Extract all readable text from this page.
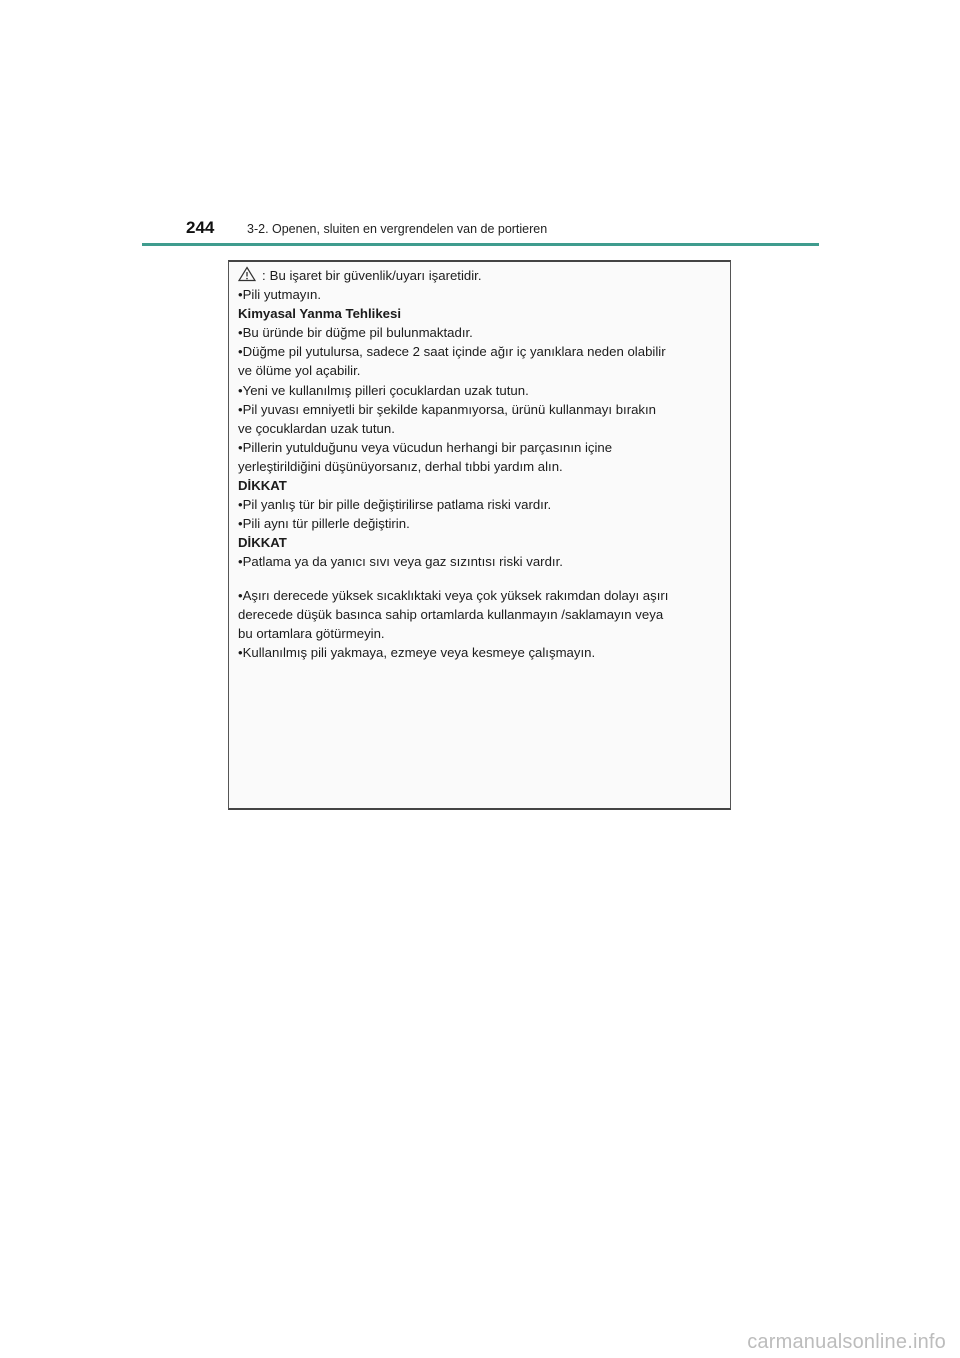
244	3-2. Openen, sluiten en vergrendelen van de portieren
: Bu işaret bir güvenlik/uyarı işaretidir.
•Pili yutmayın.
Kimyasal Yanma Tehlikesi
•Bu üründe bir düğme pil bulunmaktadır.
•Düğme pil yutulursa, sadece 2 saat içinde ağır iç yanıklara neden olabilir
ve ölüme yol açabilir.
•Yeni ve kullanılmış pilleri çocuklardan uzak tutun.
•Pil yuvası emniyetli bir şekilde kapanmıyorsa, ürünü kullanmayı bırakın
ve çocuklardan uzak tutun.
•Pillerin yutulduğunu veya vücudun herhangi bir parçasının içine
yerleştirildiğini düşünüyorsanız, derhal tıbbi yardım alın.
DİKKAT
•Pil yanlış tür bir pille değiştirilirse patlama riski vardır.
•Pili aynı tür pillerle değiştirin.
DİKKAT
•Patlama ya da yanıcı sıvı veya gaz sızıntısı riski vardır.
•Aşırı derecede yüksek sıcaklıktaki veya çok yüksek rakımdan dolayı aşırı
derecede düşük basınca sahip ortamlarda kullanmayın /saklamayın veya
bu ortamlara götürmeyin.
•Kullanılmış pili yakmaya, ezmeye veya kesmeye çalışmayın.
carmanualsonline.info
